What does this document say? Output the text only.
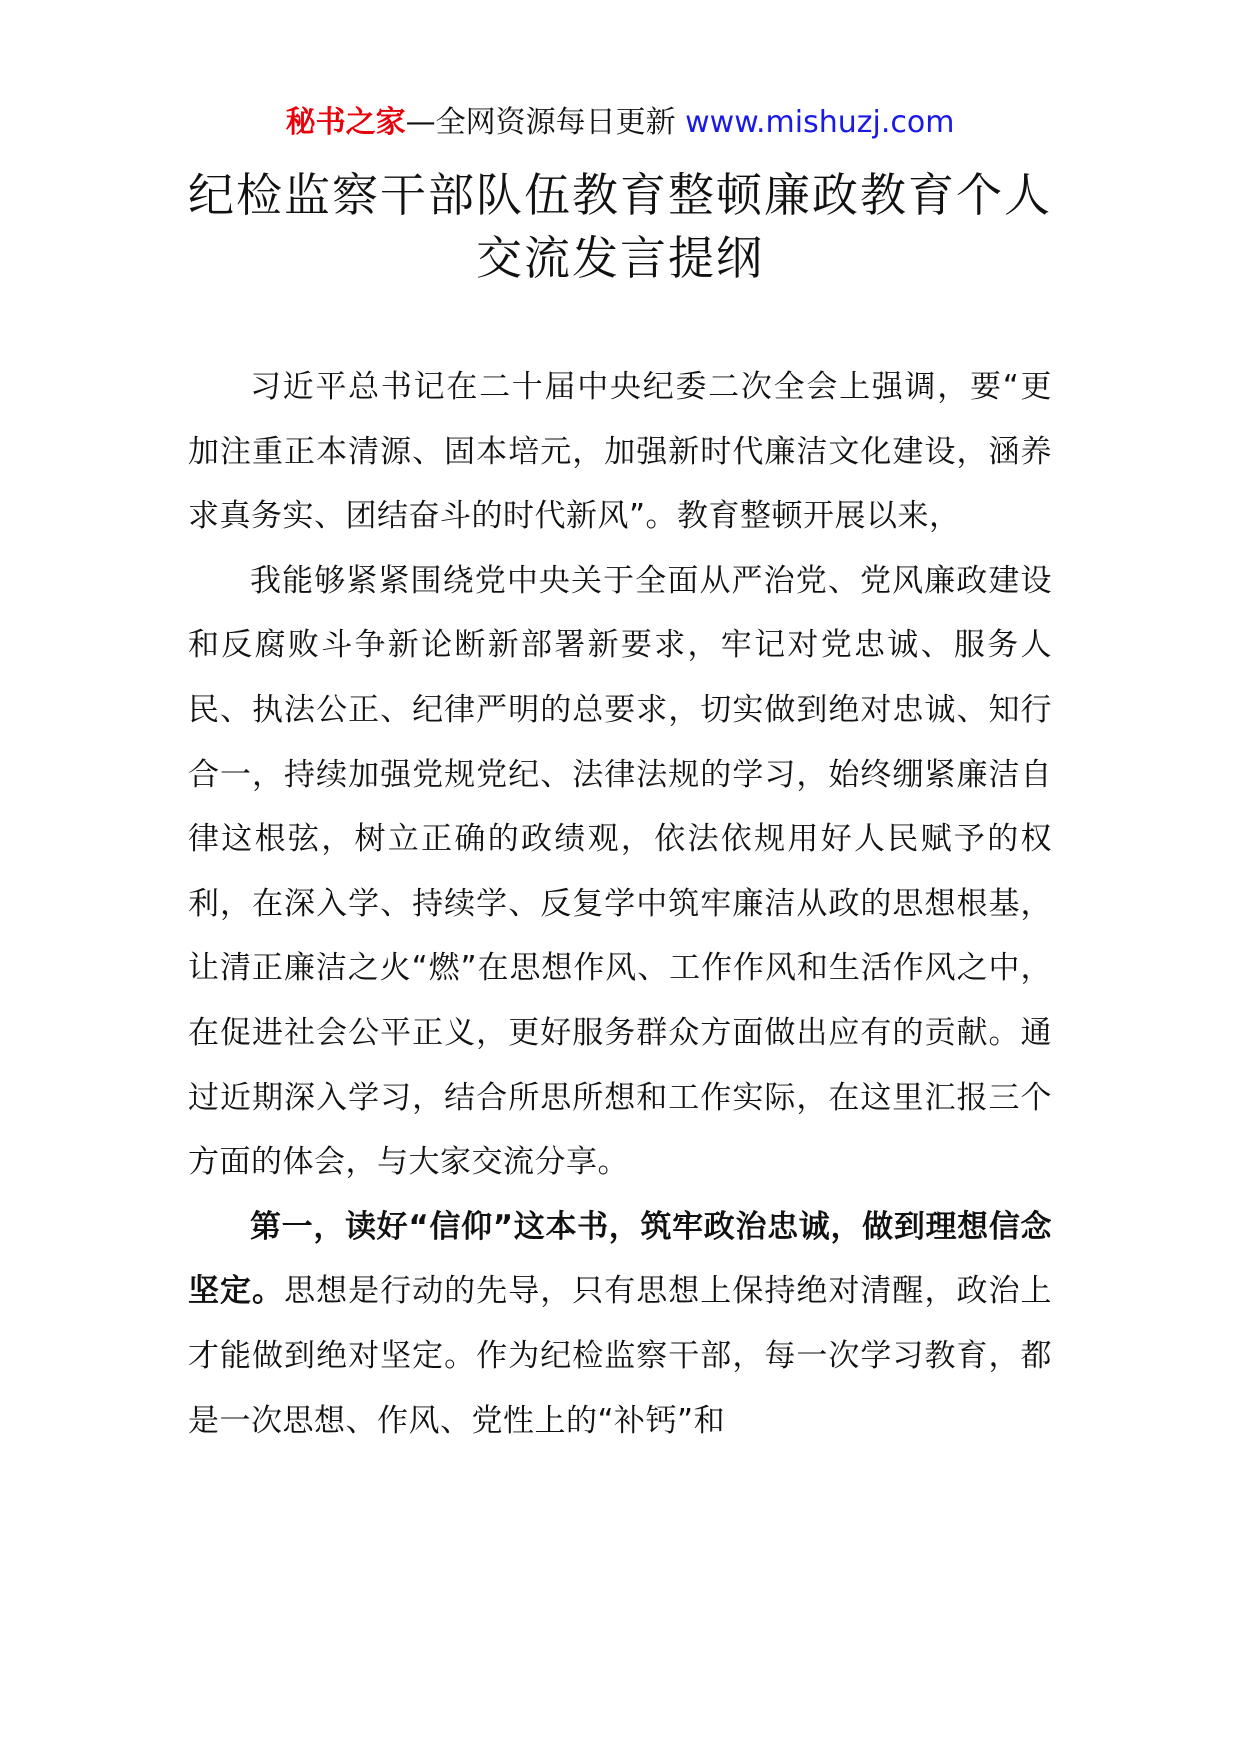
秘书之家—全网资源每日更新 www.mishuzj.com
纪检监察干部队伍教育整顿廉政教育个人
交流发言提纲

习近平总书记在二十届中央纪委二次全会上强调，要“更加注重正本清源、固本培元，加强新时代廉洁文化建设，涵养求真务实、团结奋斗的时代新风”。教育整顿开展以来，

我能够紧紧围绕党中央关于全面从严治党、党风廉政建设和反腐败斗争新论断新部署新要求，牢记对党忠诚、服务人民、执法公正、纪律严明的总要求，切实做到绝对忠诚、知行合一，持续加强党规党纪、法律法规的学习，始终绷紧廉洁自律这根弦，树立正确的政绩观，依法依规用好人民赋予的权利，在深入学、持续学、反复学中筑牢廉洁从政的思想根基，让清正廉洁之火“燃”在思想作风、工作作风和生活作风之中，在促进社会公平正义，更好服务群众方面做出应有的贡献。通过近期深入学习，结合所思所想和工作实际，在这里汇报三个方面的体会，与大家交流分享。

第一，读好“信仰”这本书，筑牢政治忠诚，做到理想信念坚定。思想是行动的先导，只有思想上保持绝对清醒，政治上才能做到绝对坚定。作为纪检监察干部，每一次学习教育，都是一次思想、作风、党性上的“补钙”和
